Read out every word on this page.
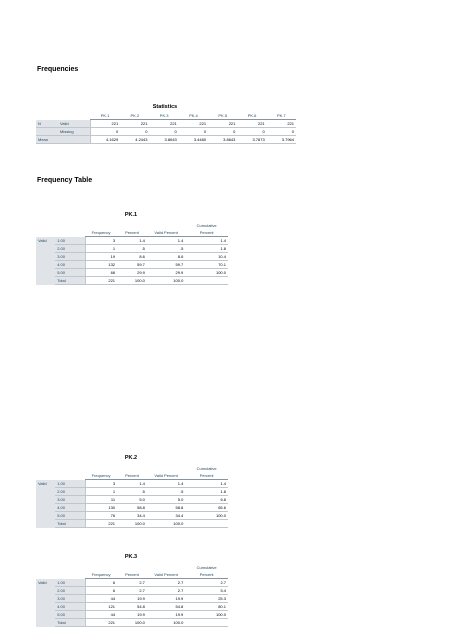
Frequencies
Statistics
		PK.1	PK.2	PK.3	PK.4	PK.5	PK.6	PK.7
N	Valid	221	221	221	221	221	221	221
	Missing	0	0	0	0	0	0	0
Mean		4.1629	4.2443	3.8643	3.4480	3.8643	3.7873	3.7964
Frequency Table
PK.1
					Cumulative
		Frequency	Percent	Valid Percent	Percent
Valid	1.00	3	1.4	1.4	1.4
	2.00	1	.5	.5	1.8
	3.00	19	8.6	8.6	10.4
	4.00	132	59.7	59.7	70.1
	5.00	66	29.9	29.9	100.0
	Total	221	100.0	100.0	
PK.2
					Cumulative
		Frequency	Percent	Valid Percent	Percent
Valid	1.00	3	1.4	1.4	1.4
	2.00	1	.5	.5	1.8
	3.00	11	5.0	5.0	6.8
	4.00	130	58.8	58.8	65.6
	5.00	76	34.4	34.4	100.0
	Total	221	100.0	100.0	
PK.3
					Cumulative
		Frequency	Percent	Valid Percent	Percent
Valid	1.00	6	2.7	2.7	2.7
	2.00	6	2.7	2.7	5.4
	3.00	44	19.9	19.9	25.3
	4.00	121	54.8	54.8	80.1
	5.00	44	19.9	19.9	100.0
	Total	221	100.0	100.0	
